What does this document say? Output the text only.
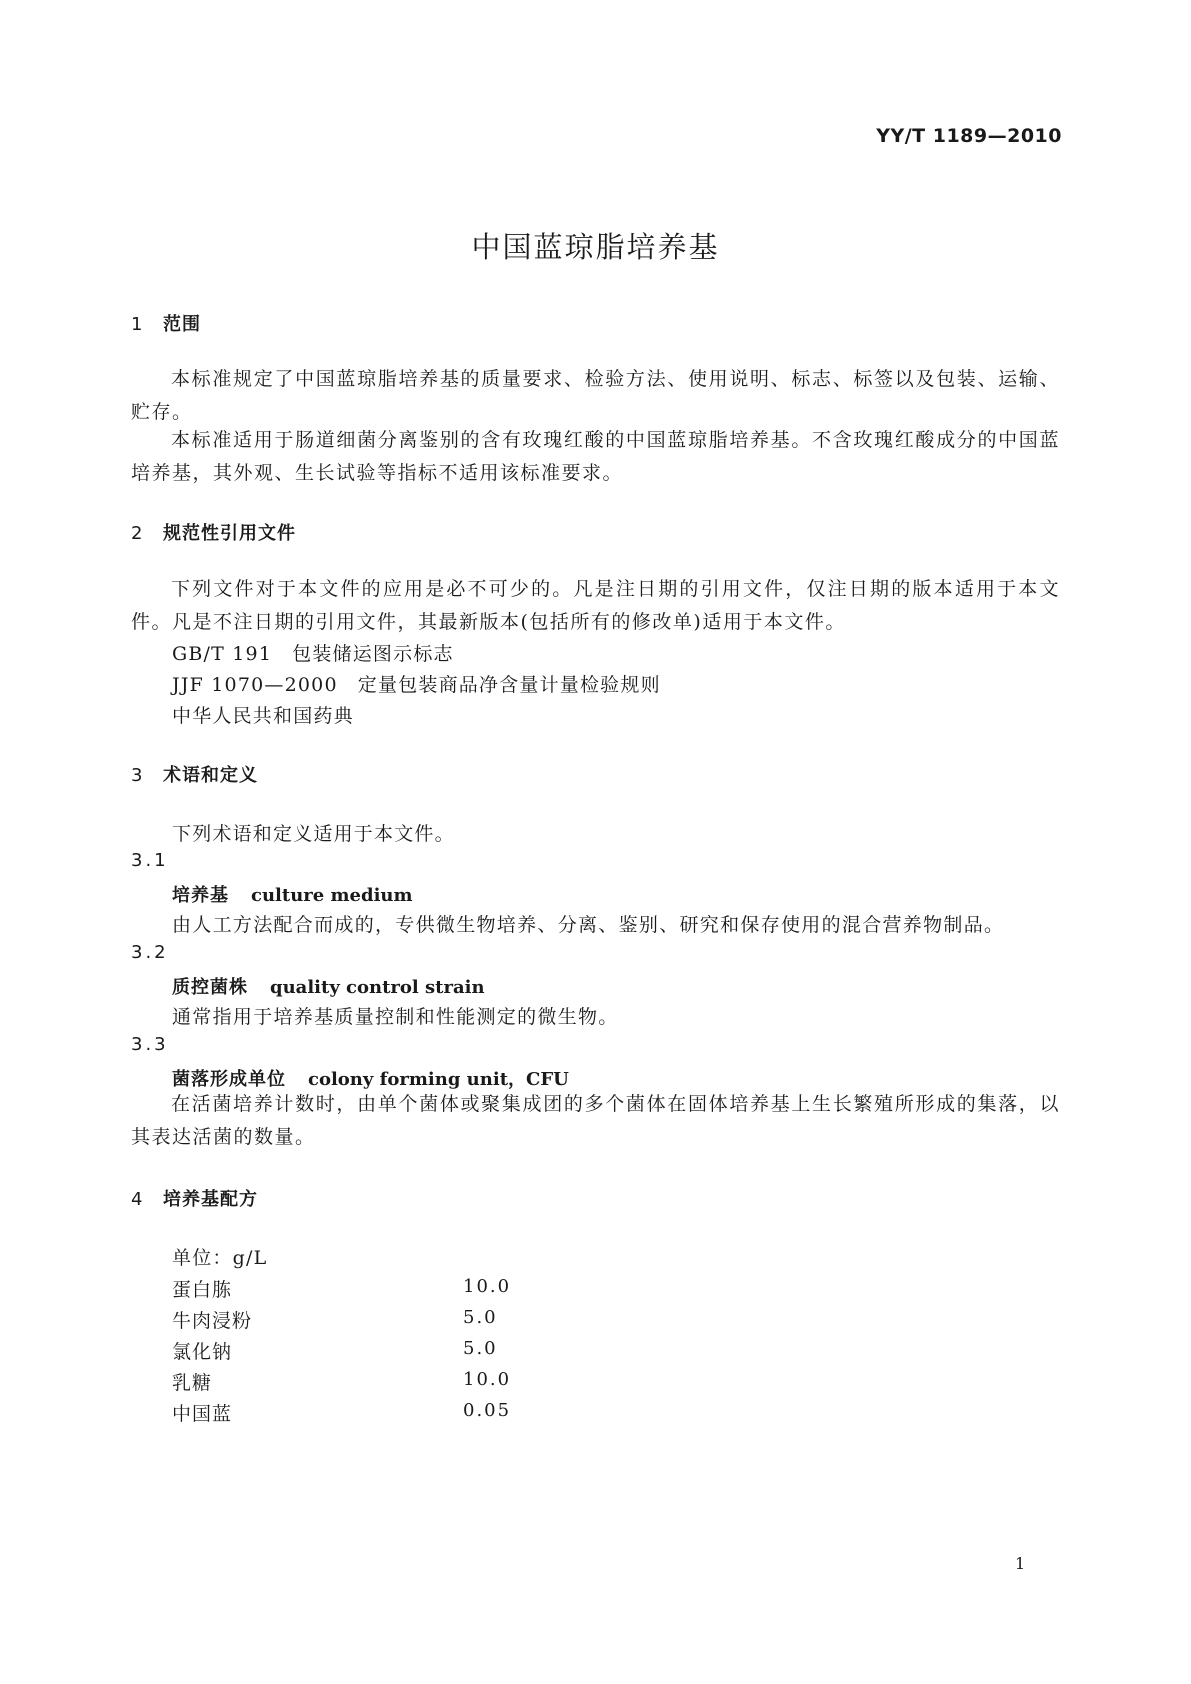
YY/T 1189—2010
中国蓝琼脂培养基
1 范围
本标准规定了中国蓝琼脂培养基的质量要求、检验方法、使用说明、标志、标签以及包装、运输、贮存。
本标准适用于肠道细菌分离鉴别的含有玫瑰红酸的中国蓝琼脂培养基。不含玫瑰红酸成分的中国蓝培养基，其外观、生长试验等指标不适用该标准要求。
2 规范性引用文件
下列文件对于本文件的应用是必不可少的。凡是注日期的引用文件，仅注日期的版本适用于本文件。凡是不注日期的引用文件，其最新版本(包括所有的修改单)适用于本文件。
GB/T 191 包装储运图示标志
JJF 1070—2000 定量包装商品净含量计量检验规则
中华人民共和国药典
3 术语和定义
下列术语和定义适用于本文件。
3.1
培养基 culture medium
由人工方法配合而成的，专供微生物培养、分离、鉴别、研究和保存使用的混合营养物制品。
3.2
质控菌株 quality control strain
通常指用于培养基质量控制和性能测定的微生物。
3.3
菌落形成单位 colony forming unit，CFU
在活菌培养计数时，由单个菌体或聚集成团的多个菌体在固体培养基上生长繁殖所形成的集落，以其表达活菌的数量。
4 培养基配方
单位：g/L
蛋白胨	10.0
牛肉浸粉	5.0
氯化钠	5.0
乳糖	10.0
中国蓝	0.05
1
